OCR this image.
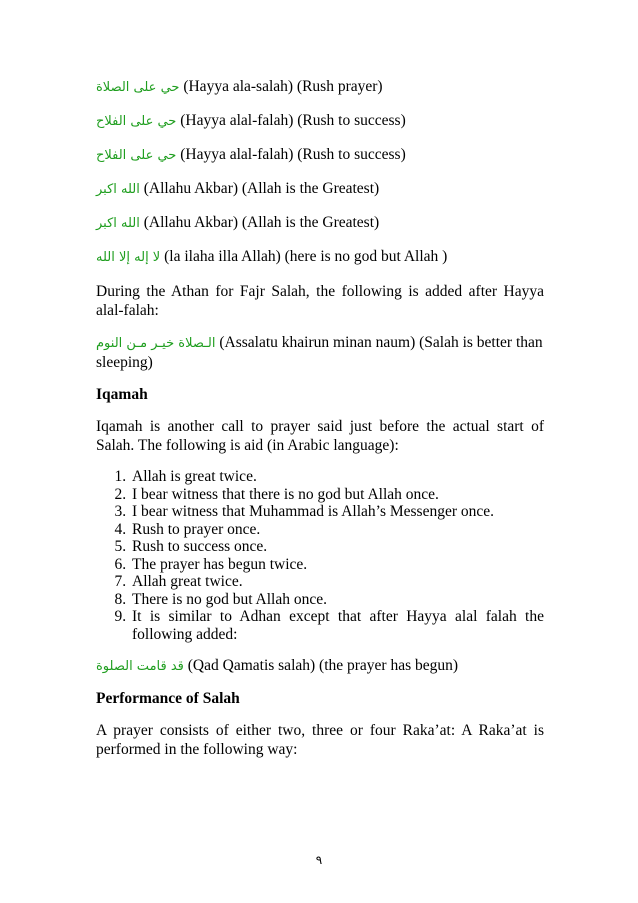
حي على الصلاة (Hayya ala-salah) (Rush prayer)

حي على الفلاح (Hayya alal-falah) (Rush to success)

حي على الفلاح (Hayya alal-falah) (Rush to success)

الله اكبر (Allahu Akbar) (Allah is the Greatest)

الله اكبر (Allahu Akbar) (Allah is the Greatest)

لا إله إلا الله (la ilaha illa Allah) (here is no god but Allah )

During the Athan for Fajr Salah, the following is added after Hayya alal-falah:

الـصلاة خيـر مـن النوم (Assalatu khairun minan naum) (Salah is better than sleeping)

Iqamah

Iqamah is another call to prayer said just before the actual start of Salah. The following is aid (in Arabic language):

1. Allah is great twice.
2. I bear witness that there is no god but Allah once.
3. I bear witness that Muhammad is Allah’s Messenger once.
4. Rush to prayer once.
5. Rush to success once.
6. The prayer has begun twice.
7. Allah great twice.
8. There is no god but Allah once.
9. It is similar to Adhan except that after Hayya alal falah the following added:

قد قامت الصلوة (Qad Qamatis salah) (the prayer has begun)

Performance of Salah

A prayer consists of either two, three or four Raka’at: A Raka’at is performed in the following way:

٩
